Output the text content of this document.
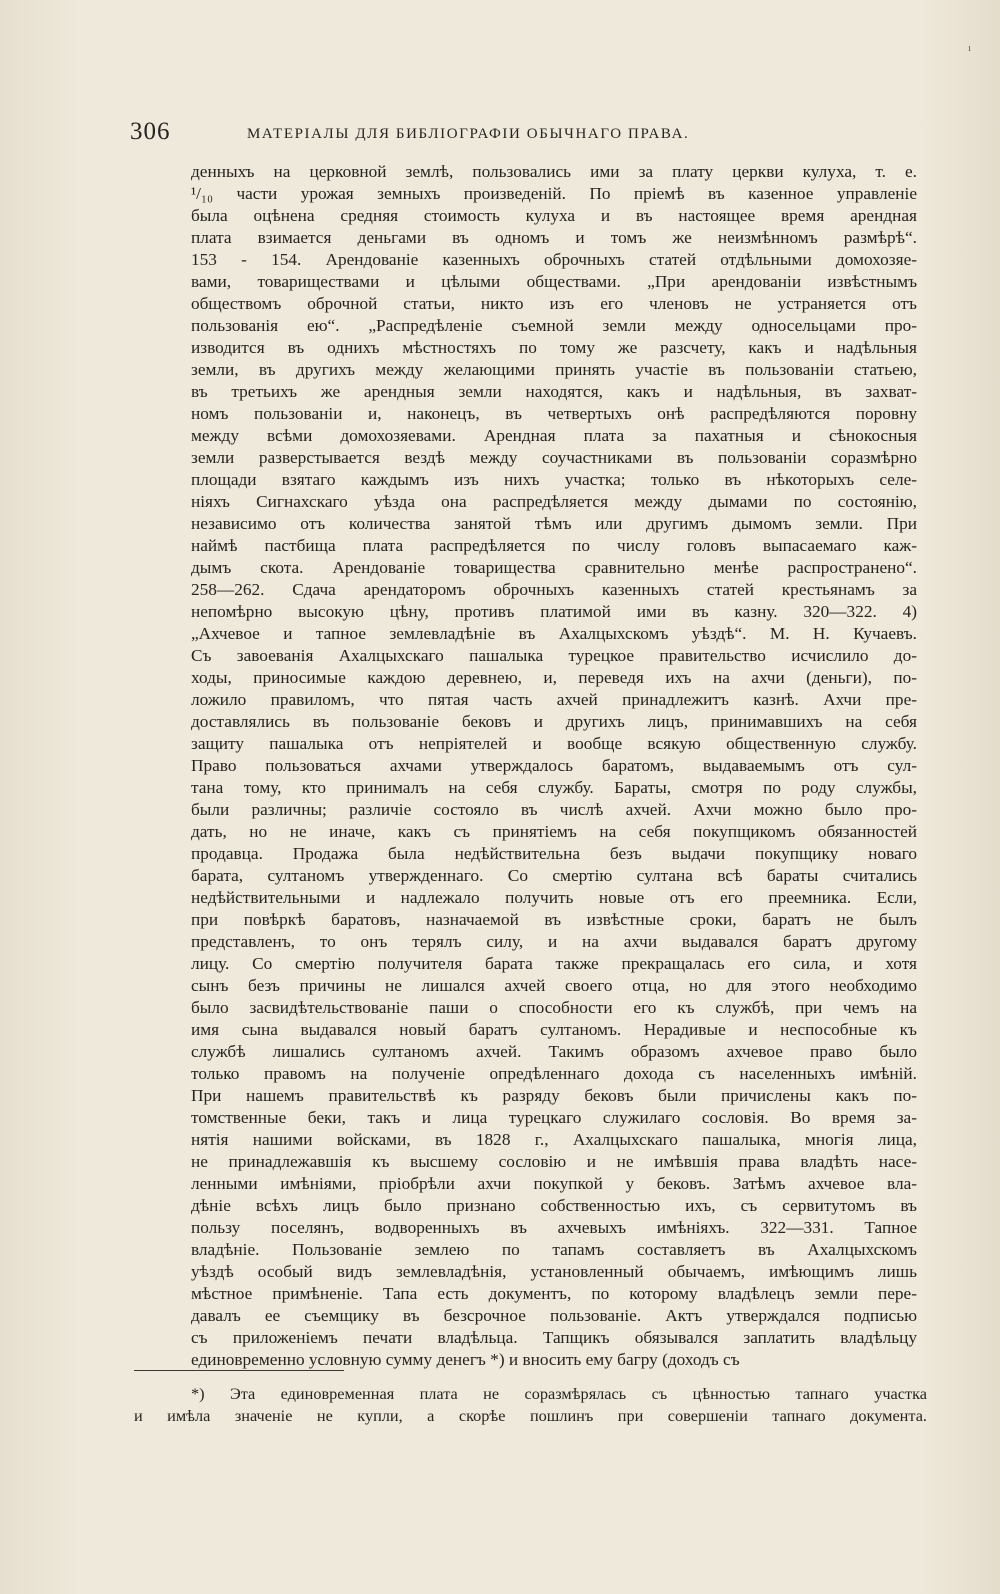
306	МАТЕРІАЛЫ ДЛЯ БИБЛІОГРАФІИ ОБЫЧНАГО ПРАВА.
денныхъ на церковной землѣ, пользовались ими за плату церкви кулуха, т. е.
¹/₁₀ части урожая земныхъ произведеній. По пріемѣ въ казенное управленіе
была оцѣнена средняя стоимость кулуха и въ настоящее время арендная
плата взимается деньгами въ одномъ и томъ же неизмѣнномъ размѣрѣ“.
153 - 154. Арендованіе казенныхъ оброчныхъ статей отдѣльными домохозяе-
вами, товариществами и цѣлыми обществами. „При арендованіи извѣстнымъ
обществомъ оброчной статьи, никто изъ его членовъ не устраняется отъ
пользованія ею“. „Распредѣленіе съемной земли между односельцами про-
изводится въ однихъ мѣстностяхъ по тому же разсчету, какъ и надѣльныя
земли, въ другихъ между желающими принять участіе въ пользованіи статьею,
въ третьихъ же арендныя земли находятся, какъ и надѣльныя, въ захват-
номъ пользованіи и, наконецъ, въ четвертыхъ онѣ распредѣляются поровну
между всѣми домохозяевами. Арендная плата за пахатныя и сѣнокосныя
земли разверстывается вездѣ между соучастниками въ пользованіи соразмѣрно
площади взятаго каждымъ изъ нихъ участка; только въ нѣкоторыхъ селе-
ніяхъ Сигнахскаго уѣзда она распредѣляется между дымами по состоянію,
независимо отъ количества занятой тѣмъ или другимъ дымомъ земли. При
наймѣ пастбища плата распредѣляется по числу головъ выпасаемаго каж-
дымъ скота. Арендованіе товарищества сравнительно менѣе распространено“.
258—262. Сдача арендаторомъ оброчныхъ казенныхъ статей крестьянамъ за
непомѣрно высокую цѣну, противъ платимой ими въ казну. 320—322. 4)
„Ахчевое и тапное землевладѣніе въ Ахалцыхскомъ уѣздѣ“. М. Н. Кучаевъ.
Съ завоеванія Ахалцыхскаго пашалыка турецкое правительство исчислило до-
ходы, приносимые каждою деревнею, и, переведя ихъ на ахчи (деньги), по-
ложило правиломъ, что пятая часть ахчей принадлежитъ казнѣ. Ахчи пре-
доставлялись въ пользованіе бековъ и другихъ лицъ, принимавшихъ на себя
защиту пашалыка отъ непріятелей и вообще всякую общественную службу.
Право пользоваться ахчами утверждалось баратомъ, выдаваемымъ отъ сул-
тана тому, кто принималъ на себя службу. Бараты, смотря по роду службы,
были различны; различіе состояло въ числѣ ахчей. Ахчи можно было про-
дать, но не иначе, какъ съ принятіемъ на себя покупщикомъ обязанностей
продавца. Продажа была недѣйствительна безъ выдачи покупщику новаго
барата, султаномъ утвержденнаго. Со смертію султана всѣ бараты считались
недѣйствительными и надлежало получить новые отъ его преемника. Если,
при повѣркѣ баратовъ, назначаемой въ извѣстные сроки, баратъ не былъ
представленъ, то онъ терялъ силу, и на ахчи выдавался баратъ другому
лицу. Со смертію получителя барата также прекращалась его сила, и хотя
сынъ безъ причины не лишался ахчей своего отца, но для этого необходимо
было засвидѣтельствованіе паши о способности его къ службѣ, при чемъ на
имя сына выдавался новый баратъ султаномъ. Нерадивые и неспособные къ
службѣ лишались султаномъ ахчей. Такимъ образомъ ахчевое право было
только правомъ на полученіе опредѣленнаго дохода съ населенныхъ имѣній.
При нашемъ правительствѣ къ разряду бековъ были причислены какъ по-
томственные беки, такъ и лица турецкаго служилаго сословія. Во время за-
нятія нашими войсками, въ 1828 г., Ахалцыхскаго пашалыка, многія лица,
не принадлежавшія къ высшему сословію и не имѣвшія права владѣть насе-
ленными имѣніями, пріобрѣли ахчи покупкой у бековъ. Затѣмъ ахчевое вла-
дѣніе всѣхъ лицъ было признано собственностью ихъ, съ сервитутомъ въ
пользу поселянъ, водворенныхъ въ ахчевыхъ имѣніяхъ. 322—331. Тапное
владѣніе. Пользованіе землею по тапамъ составляетъ въ Ахалцыхскомъ
уѣздѣ особый видъ землевладѣнія, установленный обычаемъ, имѣющимъ лишь
мѣстное примѣненіе. Тапа есть документъ, по которому владѣлецъ земли пере-
давалъ ее съемщику въ безсрочное пользованіе. Актъ утверждался подписью
съ приложеніемъ печати владѣльца. Тапщикъ обязывался заплатить владѣльцу
единовременно условную сумму денегъ *) и вносить ему багру (доходъ съ
*) Эта единовременная плата не соразмѣрялась съ цѣнностью тапнаго участка
и имѣла значеніе не купли, а скорѣе пошлинъ при совершеніи тапнаго документа.
ı
